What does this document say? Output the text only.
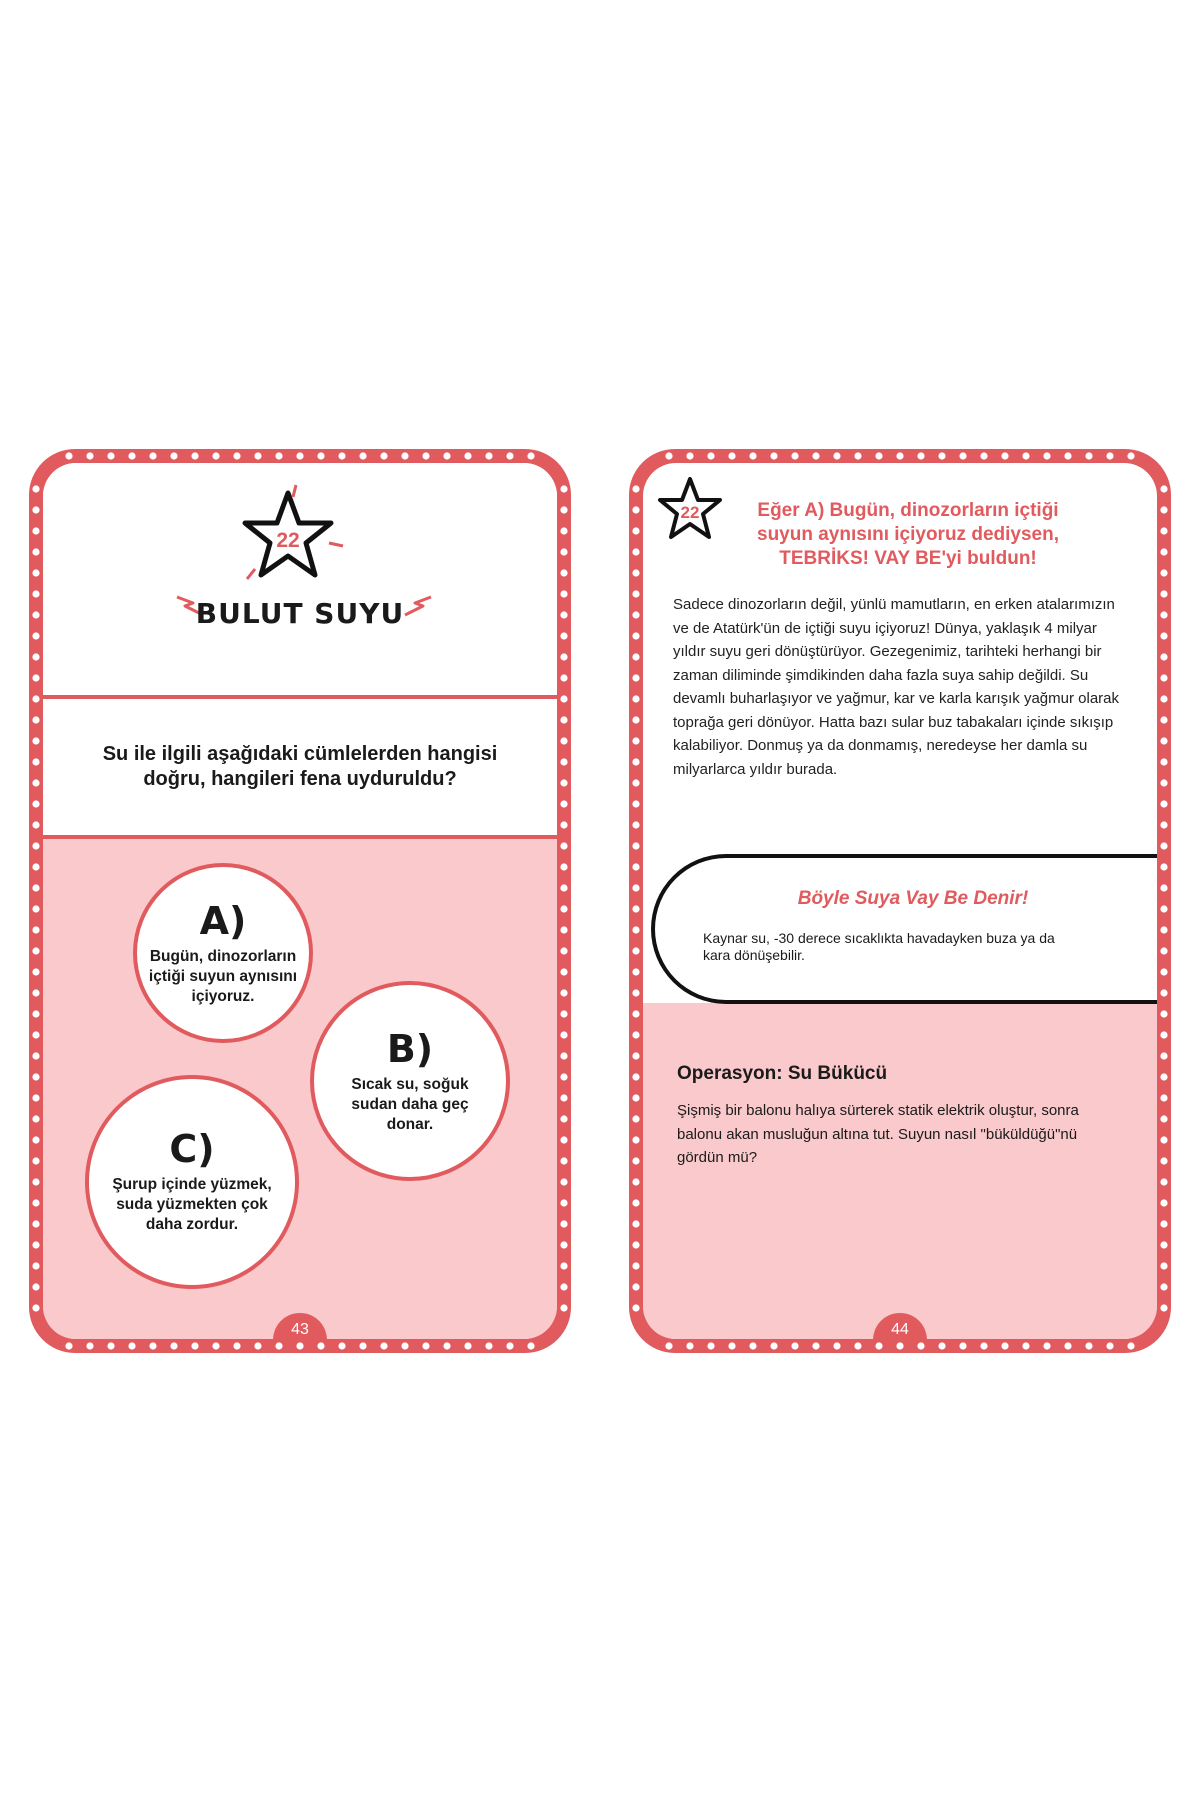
22
BULUT SUYU
Su ile ilgili aşağıdaki cümlelerden hangisi doğru, hangileri fena uyduruldu?
A)
Bugün, dinozorların içtiği suyun aynısını içiyoruz.
B)
Sıcak su, soğuk sudan daha geç donar.
C)
Şurup içinde yüzmek, suda yüzmekten çok daha zordur.
43
22	Eğer A) Bugün, dinozorların içtiği suyun aynısını içiyoruz dediysen, TEBRİKS! VAY BE'yi buldun!
Sadece dinozorların değil, yünlü mamutların, en erken atalarımızın ve de Atatürk'ün de içtiği suyu içiyoruz! Dünya, yaklaşık 4 milyar yıldır suyu geri dönüştürüyor. Gezegenimiz, tarihteki herhangi bir zaman diliminde şimdikinden daha fazla suya sahip değildi. Su devamlı buharlaşıyor ve yağmur, kar ve karla karışık yağmur olarak toprağa geri dönüyor. Hatta bazı sular buz tabakaları içinde sıkışıp kalabiliyor. Donmuş ya da donmamış, neredeyse her damla su milyarlarca yıldır burada.
Böyle Suya Vay Be Denir!
Kaynar su, -30 derece sıcaklıkta havadayken buza ya da kara dönüşebilir.
Operasyon: Su Bükücü
Şişmiş bir balonu halıya sürterek statik elektrik oluştur, sonra balonu akan musluğun altına tut. Suyun nasıl "büküldüğü"nü gördün mü?
44
